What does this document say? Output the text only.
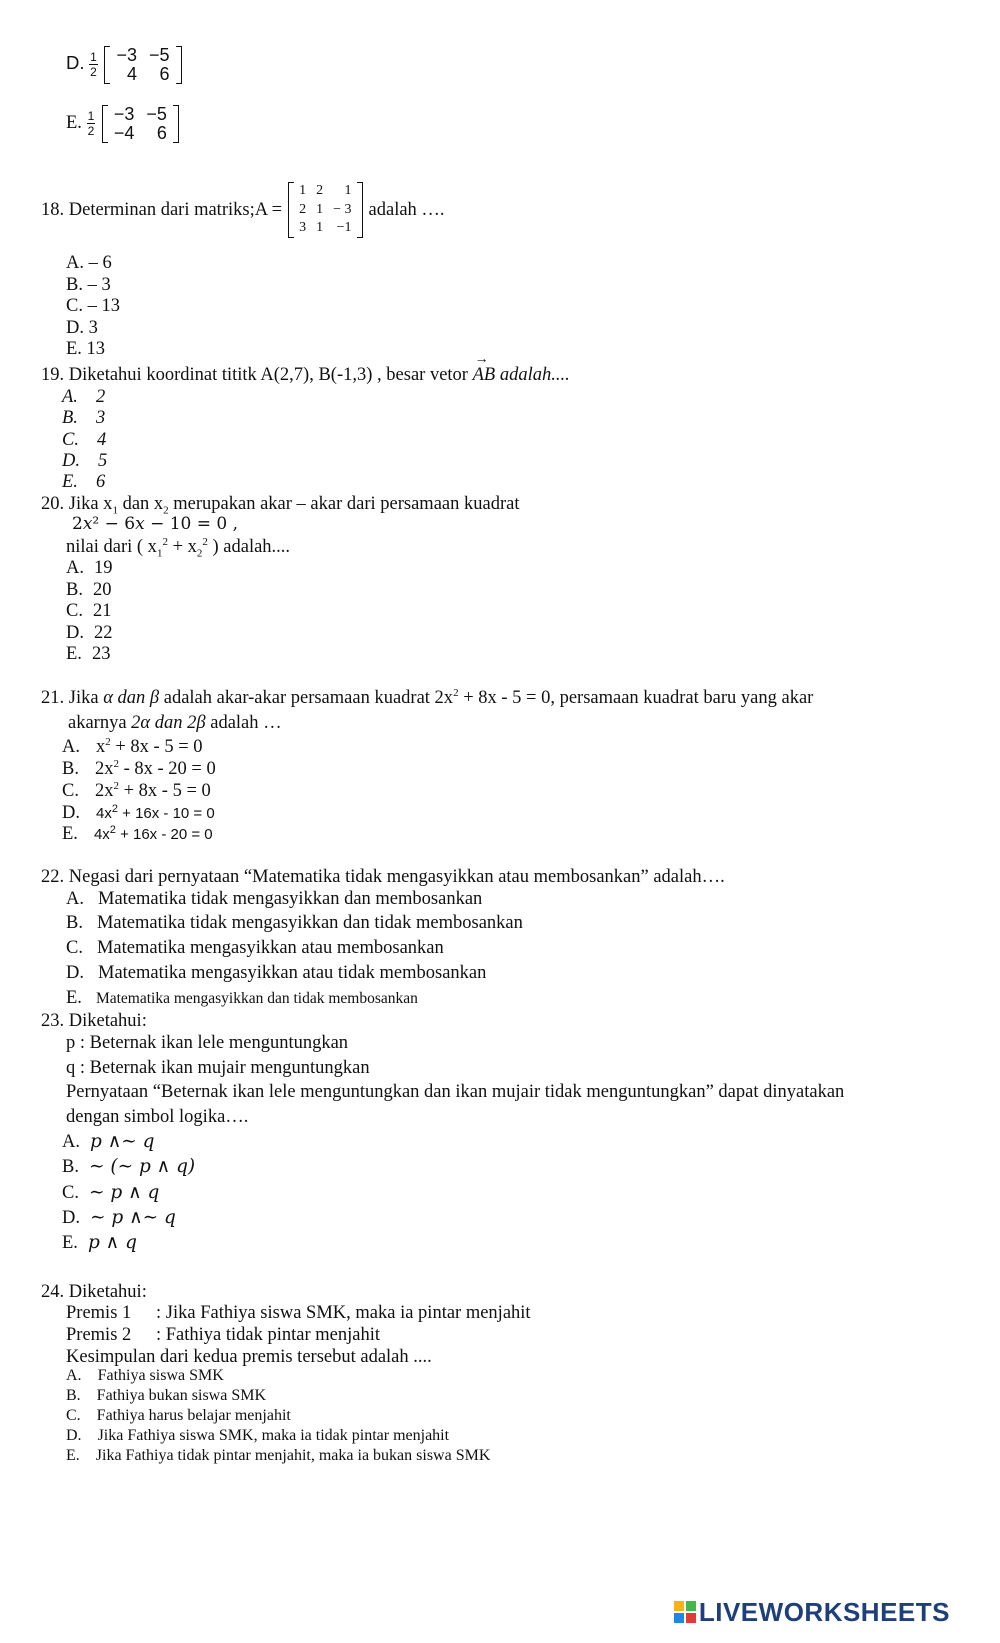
D. $\frac{1}{2}$
−3	−5
4	6
E. $\frac{1}{2}$
−3	−5
−4	6
18. Determinan dari matriks;A =
1	2	1
2	1	− 3
3	1	−1
adalah ….
A. – 6
B. – 3
C. – 13
D. 3
E. 13
19. Diketahui koordinat tititk A(2,7), B(-1,3) , besar vetor → AB adalah....
A. 2
B. 3
C. 4
D. 5
E. 6
20. Jika $x_1$ dan $x_2$ merupakan akar – akar dari persamaan kuadrat
2𝑥² − 6𝑥 − 10 = 0 ,
nilai dari ( $x_1^2 + x_2^2$ ) adalah....
A. 19
B. 20
C. 21
D. 22
E. 23
21. Jika α dan β adalah akar-akar persamaan kuadrat $2x^2 + 8x - 5 = 0$, persamaan kuadrat baru yang akar
akarnya 2α dan 2β adalah …
A. $x^2 + 8x - 5 = 0$
B. $2x^2 - 8x - 20 = 0$
C. $2x^2 + 8x - 5 = 0$
D. $4x^2 + 16x - 10 = 0$
E. $4x^2 + 16x - 20 = 0$
22. Negasi dari pernyataan “Matematika tidak mengasyikkan atau membosankan” adalah….
A. Matematika tidak mengasyikkan dan membosankan
B. Matematika tidak mengasyikkan dan tidak membosankan
C. Matematika mengasyikkan atau membosankan
D. Matematika mengasyikkan atau tidak membosankan
E. Matematika mengasyikkan dan tidak membosankan
23. Diketahui:
p : Beternak ikan lele menguntungkan
q : Beternak ikan mujair menguntungkan
Pernyataan “Beternak ikan lele menguntungkan dan ikan mujair tidak menguntungkan” dapat dinyatakan
dengan simbol logika….
A. 𝑝 ∧∼ 𝑞
B. ∼ (∼ 𝑝 ∧ 𝑞)
C. ∼ 𝑝 ∧ 𝑞
D. ∼ 𝑝 ∧∼ 𝑞
E. 𝑝 ∧ 𝑞
24. Diketahui:
Premis 1 : Jika Fathiya siswa SMK, maka ia pintar menjahit
Premis 2 : Fathiya tidak pintar menjahit
Kesimpulan dari kedua premis tersebut adalah ....
A. Fathiya siswa SMK
B. Fathiya bukan siswa SMK
C. Fathiya harus belajar menjahit
D. Jika Fathiya siswa SMK, maka ia tidak pintar menjahit
E. Jika Fathiya tidak pintar menjahit, maka ia bukan siswa SMK
LIVEWORKSHEETS
